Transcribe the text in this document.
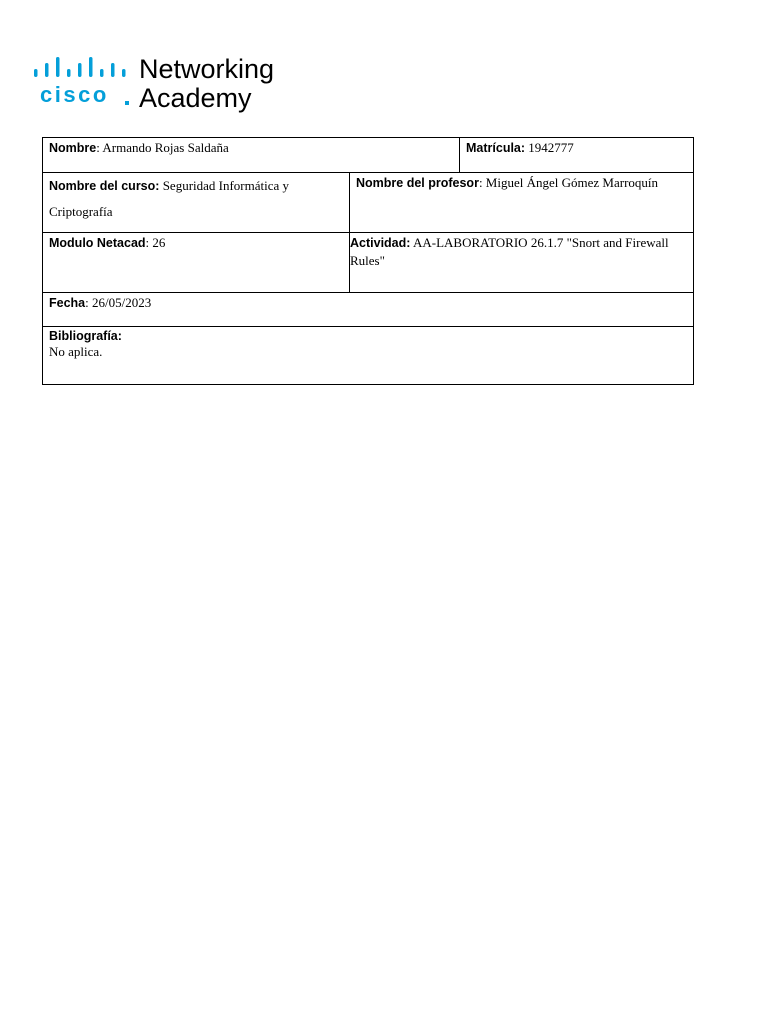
cisco
Networking
Academy
Nombre: Armando Rojas Saldaña	Matrícula: 1942777
Nombre del curso: Seguridad Informática y
Criptografía
Nombre del profesor: Miguel Ángel Gómez Marroquín
Modulo Netacad: 26	Actividad: AA-LABORATORIO 26.1.7 "Snort and Firewall Rules"
Fecha: 26/05/2023
Bibliografía:
No aplica.
